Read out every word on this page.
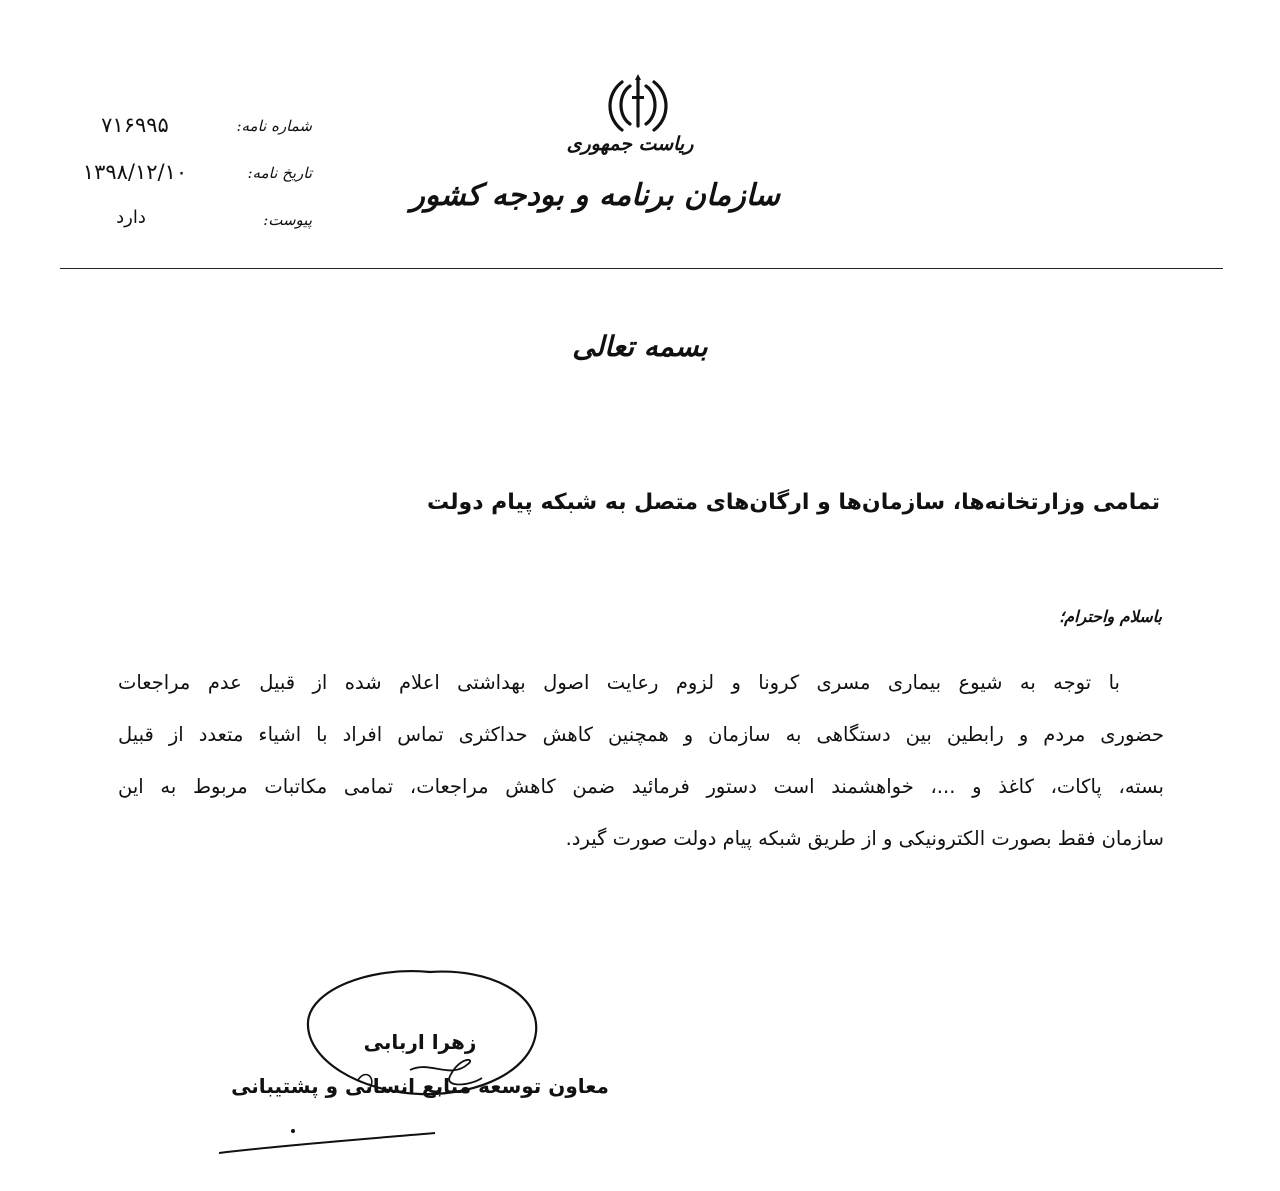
شماره نامه:
۷۱۶۹۹۵
تاریخ نامه:
۱۳۹۸/۱۲/۱۰
پیوست:
دارد
ریاست جمهوری
سازمان برنامه و بودجه کشور
بسمه تعالی
تمامی وزارتخانه‌ها، سازمان‌ها و ارگان‌های متصل به شبکه پیام دولت
باسلام واحترام؛
با توجه به شیوع بیماری مسری کرونا و لزوم رعایت اصول بهداشتی اعلام شده از قبیل عدم مراجعات
حضوری مردم و رابطین بین دستگاهی به سازمان و همچنین کاهش حداکثری تماس افراد با اشیاء متعدد از قبیل
بسته، پاکات، کاغذ و ...، خواهشمند است دستور فرمائید ضمن کاهش مراجعات، تمامی مکاتبات مربوط به این
سازمان فقط بصورت الکترونیکی و از طریق شبکه پیام دولت صورت گیرد.
زهرا اربابی
معاون توسعه منابع انسانی و پشتیبانی
